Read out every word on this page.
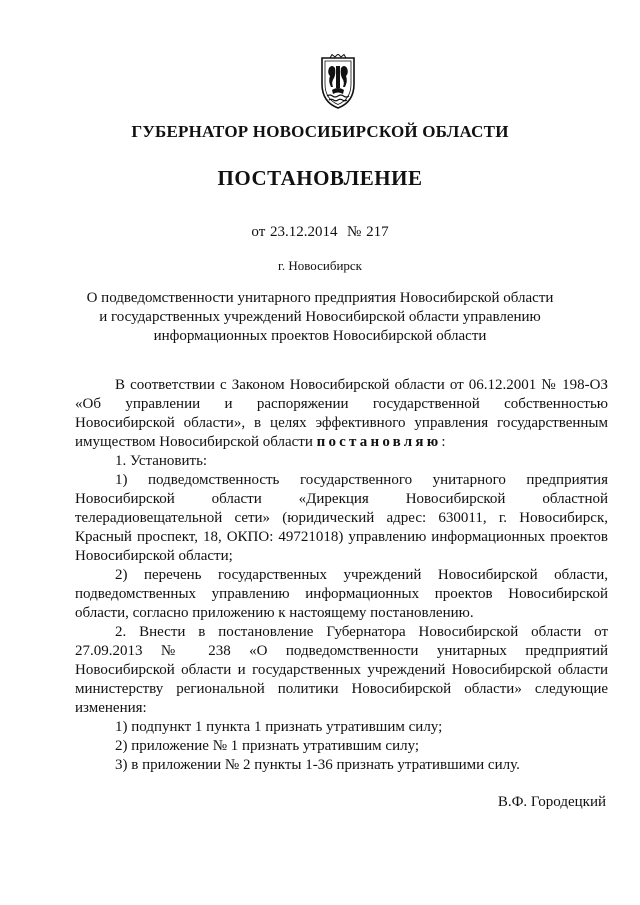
ГУБЕРНАТОР НОВОСИБИРСКОЙ ОБЛАСТИ
ПОСТАНОВЛЕНИЕ
от 23.12.2014  № 217
г. Новосибирск
О подведомственности унитарного предприятия Новосибирской области
и государственных учреждений Новосибирской области управлению
информационных проектов Новосибирской области

В соответствии с Законом Новосибирской области от 06.12.2001 № 198-ОЗ «Об управлении и распоряжении государственной собственностью Новосибирской области», в целях эффективного управления государственным имуществом Новосибирской области постановляю:

1. Установить:

1) подведомственность государственного унитарного предприятия Новосибирской области «Дирекция Новосибирской областной телерадиовещательной сети» (юридический адрес: 630011, г. Новосибирск, Красный проспект, 18, ОКПО: 49721018) управлению информационных проектов Новосибирской области;

2) перечень государственных учреждений Новосибирской области, подведомственных управлению информационных проектов Новосибирской области, согласно приложению к настоящему постановлению.

2. Внести в постановление Губернатора Новосибирской области от 27.09.2013 № 238 «О подведомственности унитарных предприятий Новосибирской области и государственных учреждений Новосибирской области министерству региональной политики Новосибирской области» следующие изменения:

1) подпункт 1 пункта 1 признать утратившим силу;

2) приложение № 1 признать утратившим силу;

3) в приложении № 2 пункты 1-36 признать утратившими силу.

В.Ф. Городецкий
